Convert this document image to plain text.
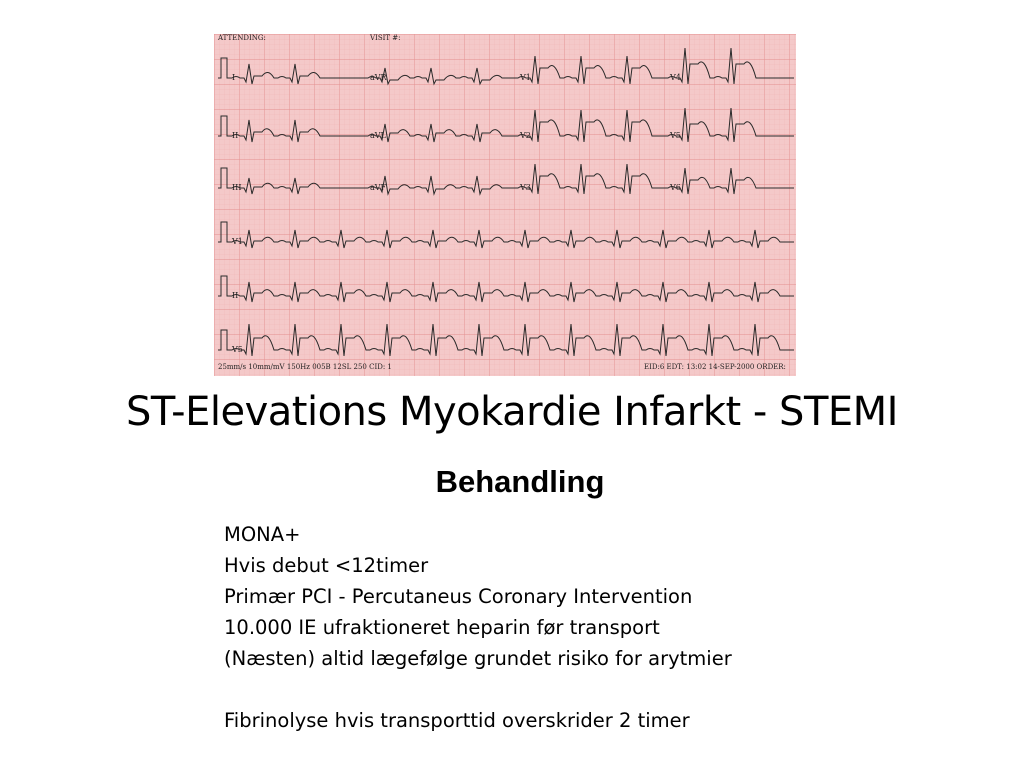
I	aVR	V1	V4
II	aVL	V2	V5
III	aVF	V3	V6
V1
II
V5
ATTENDING:	VISIT #:
25mm/s 10mm/mV 150Hz 005B 12SL 250 CID: 1	EID:6 EDT: 13:02 14-SEP-2000 ORDER:
ST-Elevations Myokardie Infarkt - STEMI
Behandling
MONA+
Hvis debut <12timer
Primær PCI - Percutaneus Coronary Intervention
10.000 IE ufraktioneret heparin før transport
(Næsten) altid lægefølge grundet risiko for arytmier
Fibrinolyse hvis transporttid overskrider 2 timer
